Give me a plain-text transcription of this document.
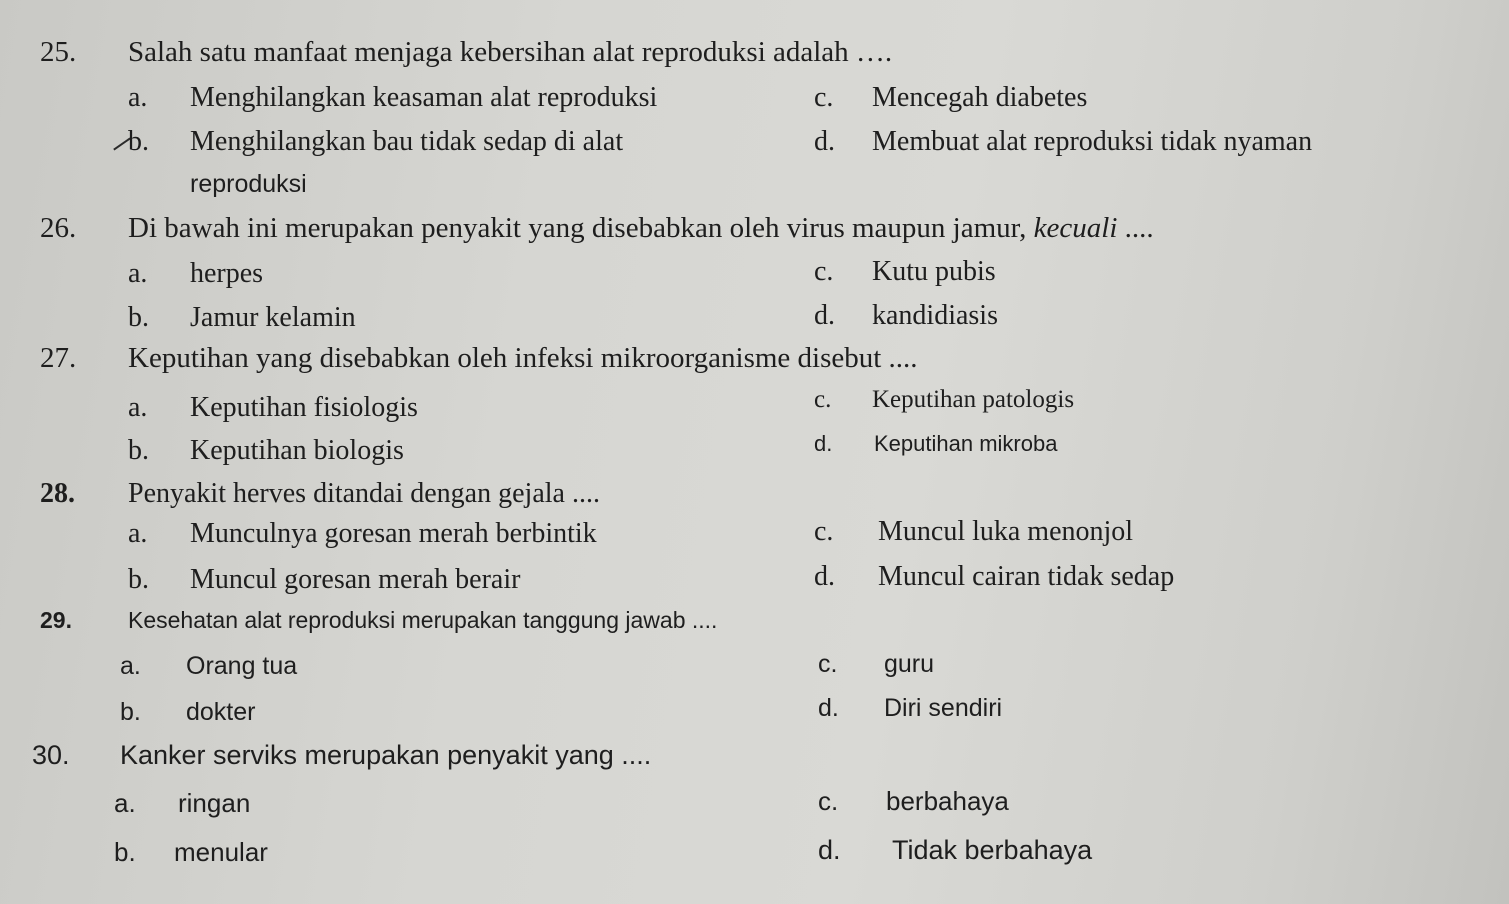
25. Salah satu manfaat menjaga kebersihan alat reproduksi adalah ….
a. Menghilangkan keasaman alat reproduksi	c. Mencegah diabetes
b. Menghilangkan bau tidak sedap di alat	d. Membuat alat reproduksi tidak nyaman
reproduksi
26. Di bawah ini merupakan penyakit yang disebabkan oleh virus maupun jamur, kecuali ....
a. herpes	c. Kutu pubis
b. Jamur kelamin	d. kandidiasis
27. Keputihan yang disebabkan oleh infeksi mikroorganisme disebut ....
a. Keputihan fisiologis	c. Keputihan patologis
b. Keputihan biologis	d. Keputihan mikroba
28. Penyakit herves ditandai dengan gejala ....
a. Munculnya goresan merah berbintik	c. Muncul luka menonjol
b. Muncul goresan merah berair	d. Muncul cairan tidak sedap
29. Kesehatan alat reproduksi merupakan tanggung jawab ....
a. Orang tua	c. guru
b. dokter	d. Diri sendiri
30. Kanker serviks merupakan penyakit yang ....
a. ringan	c. berbahaya
b. menular	d. Tidak berbahaya
